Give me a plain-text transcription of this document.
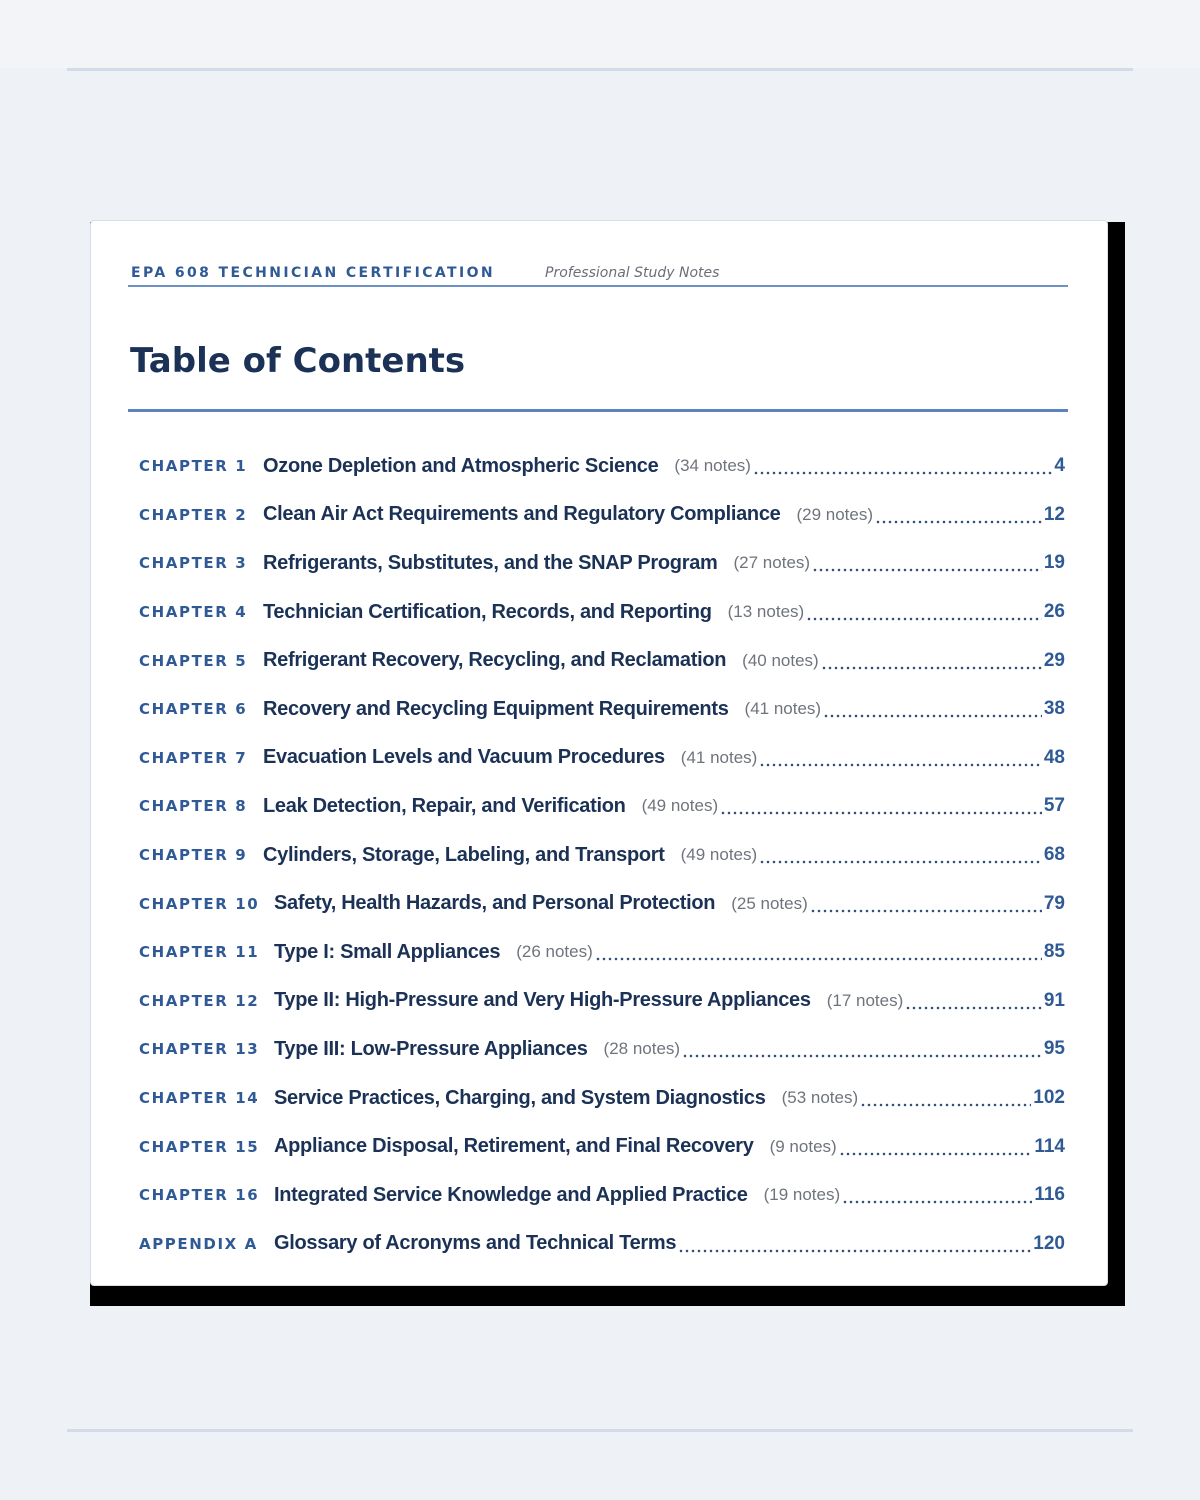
EPA 608 TECHNICIAN CERTIFICATION	Professional Study Notes
Table of Contents
CHAPTER 1 Ozone Depletion and Atmospheric Science (34 notes)	4
CHAPTER 2 Clean Air Act Requirements and Regulatory Compliance (29 notes)	12
CHAPTER 3 Refrigerants, Substitutes, and the SNAP Program (27 notes)	19
CHAPTER 4 Technician Certification, Records, and Reporting (13 notes)	26
CHAPTER 5 Refrigerant Recovery, Recycling, and Reclamation (40 notes)	29
CHAPTER 6 Recovery and Recycling Equipment Requirements (41 notes)	38
CHAPTER 7 Evacuation Levels and Vacuum Procedures (41 notes)	48
CHAPTER 8 Leak Detection, Repair, and Verification (49 notes)	57
CHAPTER 9 Cylinders, Storage, Labeling, and Transport (49 notes)	68
CHAPTER 10 Safety, Health Hazards, and Personal Protection (25 notes)	79
CHAPTER 11 Type I: Small Appliances (26 notes)	85
CHAPTER 12 Type II: High-Pressure and Very High-Pressure Appliances (17 notes)	91
CHAPTER 13 Type III: Low-Pressure Appliances (28 notes)	95
CHAPTER 14 Service Practices, Charging, and System Diagnostics (53 notes)	102
CHAPTER 15 Appliance Disposal, Retirement, and Final Recovery (9 notes)	114
CHAPTER 16 Integrated Service Knowledge and Applied Practice (19 notes)	116
APPENDIX A Glossary of Acronyms and Technical Terms	120
